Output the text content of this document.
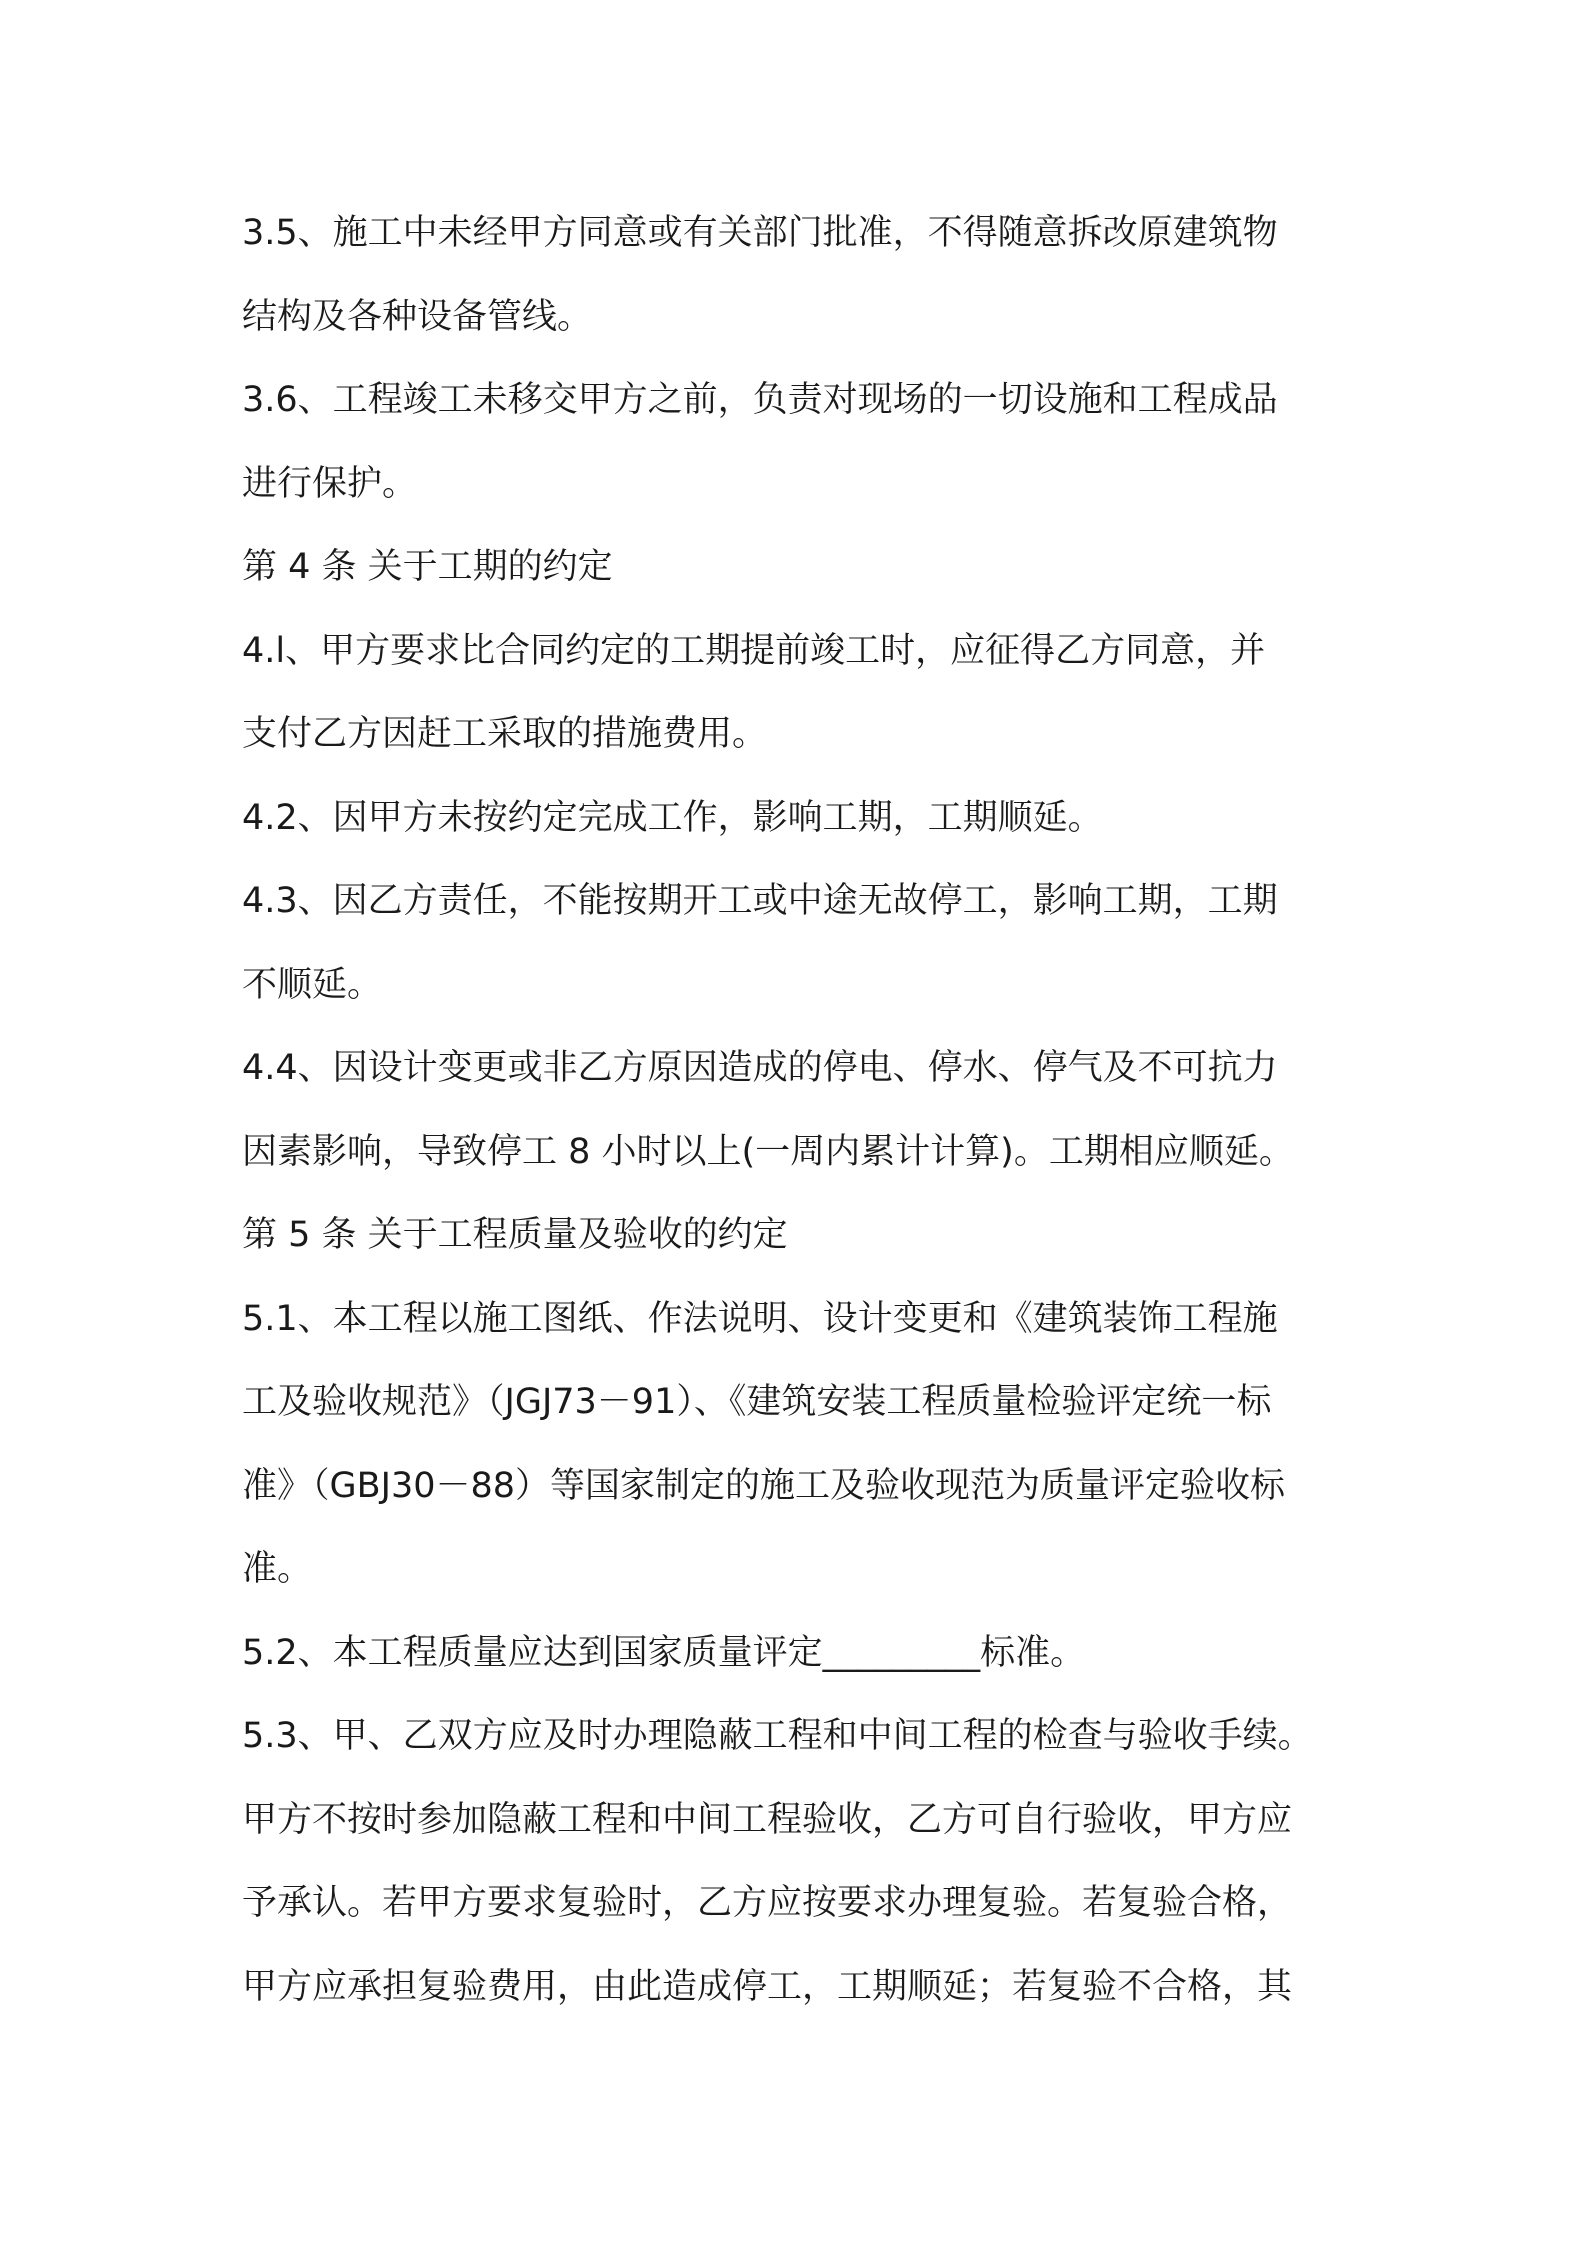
3.5、施工中未经甲方同意或有关部门批准，不得随意拆改原建筑物
结构及各种设备管线。
3.6、工程竣工未移交甲方之前，负责对现场的一切设施和工程成品
进行保护。
第 4 条 关于工期的约定
4.l、甲方要求比合同约定的工期提前竣工时，应征得乙方同意，并
支付乙方因赶工采取的措施费用。
4.2、因甲方未按约定完成工作，影响工期，工期顺延。
4.3、因乙方责任，不能按期开工或中途无故停工，影响工期，工期
不顺延。
4.4、因设计变更或非乙方原因造成的停电、停水、停气及不可抗力
因素影响，导致停工 8 小时以上(一周内累计计算)。工期相应顺延。
第 5 条 关于工程质量及验收的约定
5.1、本工程以施工图纸、作法说明、设计变更和《建筑装饰工程施
工及验收规范》（JGJ73－91）、《建筑安装工程质量检验评定统一标
准》（GBJ30－88）等国家制定的施工及验收现范为质量评定验收标
准。
5.2、本工程质量应达到国家质量评定_________标准。
5.3、甲、乙双方应及时办理隐蔽工程和中间工程的检查与验收手续。
甲方不按时参加隐蔽工程和中间工程验收，乙方可自行验收，甲方应
予承认。若甲方要求复验时，乙方应按要求办理复验。若复验合格，
甲方应承担复验费用，由此造成停工，工期顺延；若复验不合格，其
